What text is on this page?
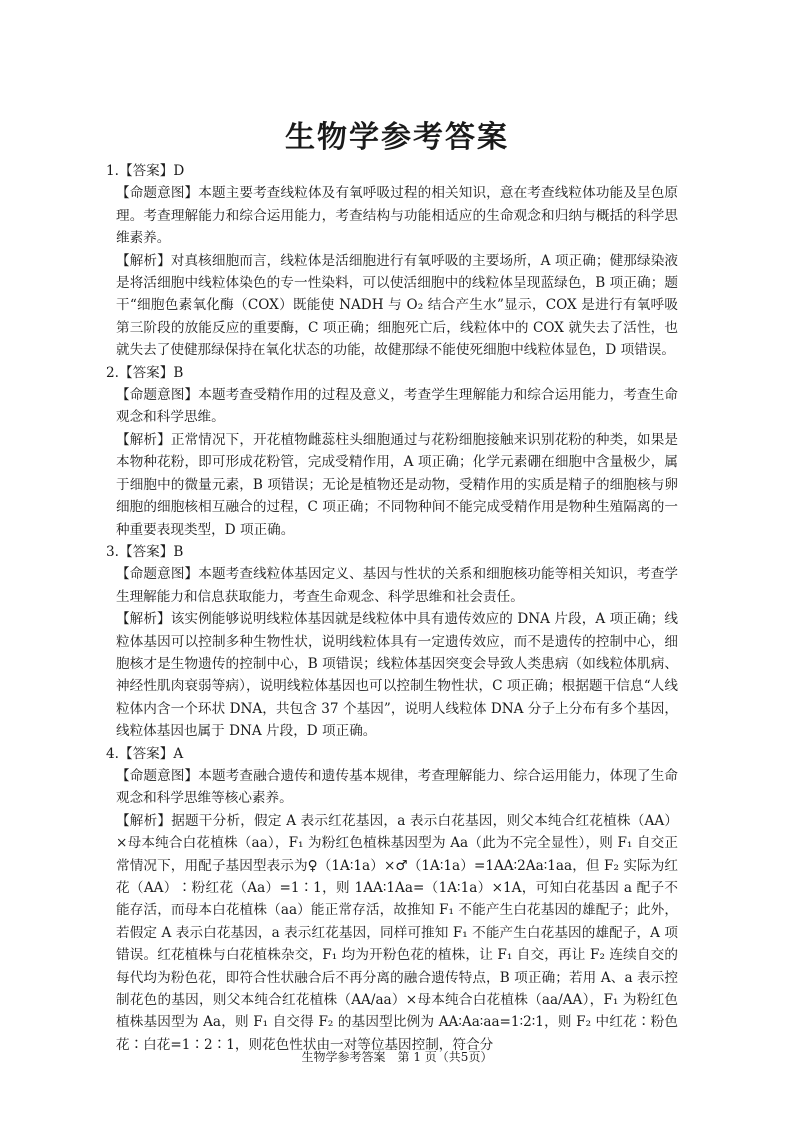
生物学参考答案
1.【答案】D
【命题意图】本题主要考查线粒体及有氧呼吸过程的相关知识，意在考查线粒体功能及呈色原理。考查理解能力和综合运用能力，考查结构与功能相适应的生命观念和归纳与概括的科学思维素养。
【解析】对真核细胞而言，线粒体是活细胞进行有氧呼吸的主要场所，A 项正确；健那绿染液是将活细胞中线粒体染色的专一性染料，可以使活细胞中的线粒体呈现蓝绿色，B 项正确；题干“细胞色素氧化酶（COX）既能使 NADH 与 O₂ 结合产生水”显示，COX 是进行有氧呼吸第三阶段的放能反应的重要酶，C 项正确；细胞死亡后，线粒体中的 COX 就失去了活性，也就失去了使健那绿保持在氧化状态的功能，故健那绿不能使死细胞中线粒体显色，D 项错误。
2.【答案】B
【命题意图】本题考查受精作用的过程及意义，考查学生理解能力和综合运用能力，考查生命观念和科学思维。
【解析】正常情况下，开花植物雌蕊柱头细胞通过与花粉细胞接触来识别花粉的种类，如果是本物种花粉，即可形成花粉管，完成受精作用，A 项正确；化学元素硼在细胞中含量极少，属于细胞中的微量元素，B 项错误；无论是植物还是动物，受精作用的实质是精子的细胞核与卵细胞的细胞核相互融合的过程，C 项正确；不同物种间不能完成受精作用是物种生殖隔离的一种重要表现类型，D 项正确。
3.【答案】B
【命题意图】本题考查线粒体基因定义、基因与性状的关系和细胞核功能等相关知识，考查学生理解能力和信息获取能力，考查生命观念、科学思维和社会责任。
【解析】该实例能够说明线粒体基因就是线粒体中具有遗传效应的 DNA 片段，A 项正确；线粒体基因可以控制多种生物性状，说明线粒体具有一定遗传效应，而不是遗传的控制中心，细胞核才是生物遗传的控制中心，B 项错误；线粒体基因突变会导致人类患病（如线粒体肌病、神经性肌肉衰弱等病），说明线粒体基因也可以控制生物性状，C 项正确；根据题干信息“人线粒体内含一个环状 DNA，共包含 37 个基因”，说明人线粒体 DNA 分子上分布有多个基因，线粒体基因也属于 DNA 片段，D 项正确。
4.【答案】A
【命题意图】本题考查融合遗传和遗传基本规律，考查理解能力、综合运用能力，体现了生命观念和科学思维等核心素养。
【解析】据题干分析，假定 A 表示红花基因，a 表示白花基因，则父本纯合红花植株（AA）×母本纯合白花植株（aa），F₁ 为粉红色植株基因型为 Aa（此为不完全显性），则 F₁ 自交正常情况下，用配子基因型表示为♀（1A∶1a）×♂（1A∶1a）=1AA∶2Aa∶1aa，但 F₂ 实际为红花（AA）∶粉红花（Aa）=1∶1，则 1AA∶1Aa=（1A∶1a）×1A，可知白花基因 a 配子不能存活，而母本白花植株（aa）能正常存活，故推知 F₁ 不能产生白花基因的雄配子；此外，若假定 A 表示白花基因，a 表示红花基因，同样可推知 F₁ 不能产生白花基因的雄配子，A 项错误。红花植株与白花植株杂交，F₁ 均为开粉色花的植株，让 F₁ 自交，再让 F₂ 连续自交的每代均为粉色花，即符合性状融合后不再分离的融合遗传特点，B 项正确；若用 A、a 表示控制花色的基因，则父本纯合红花植株（AA/aa）×母本纯合白花植株（aa/AA），F₁ 为粉红色植株基因型为 Aa，则 F₁ 自交得 F₂ 的基因型比例为 AA∶Aa∶aa=1∶2∶1，则 F₂ 中红花∶粉色花∶白花=1∶2∶1，则花色性状由一对等位基因控制，符合分
生物学参考答案　第 1 页（共5页）
